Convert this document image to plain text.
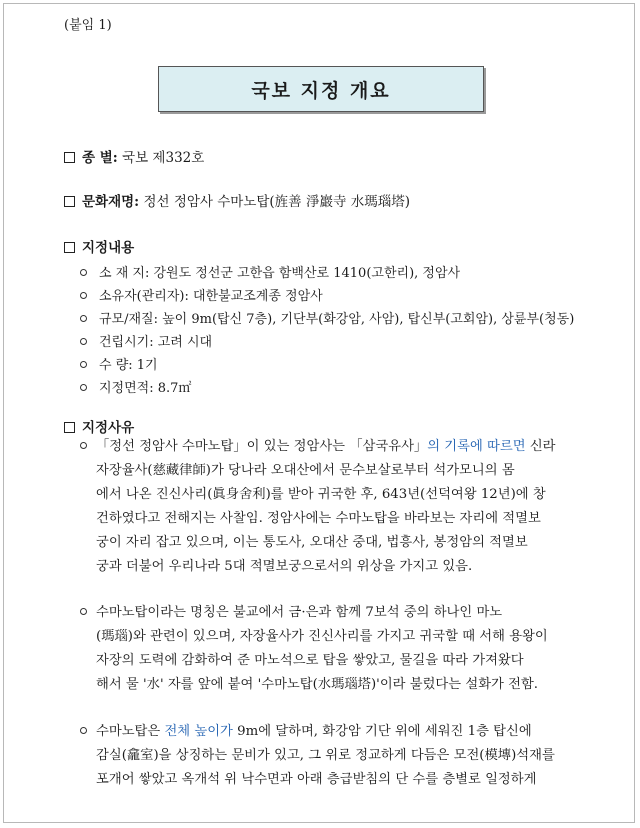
(붙임 1)
국보 지정 개요
종 별: 국보 제332호
문화재명: 정선 정암사 수마노탑(旌善 淨巖寺 水瑪瑙塔)
지정내용
소 재 지: 강원도 정선군 고한읍 함백산로 1410(고한리), 정암사
소유자(관리자): 대한불교조계종 정암사
규모/재질: 높이 9m(탑신 7층), 기단부(화강암, 사암), 탑신부(고회암), 상륜부(청동)
건립시기: 고려 시대
수 량: 1기
지정면적: 8.7㎡
지정사유
「정선 정암사 수마노탑」이 있는 정암사는 「삼국유사」의 기록에 따르면 신라
자장율사(慈藏律師)가 당나라 오대산에서 문수보살로부터 석가모니의 몸
에서 나온 진신사리(眞身舍利)를 받아 귀국한 후, 643년(선덕여왕 12년)에 창
건하였다고 전해지는 사찰임. 정암사에는 수마노탑을 바라보는 자리에 적멸보
궁이 자리 잡고 있으며, 이는 통도사, 오대산 중대, 법흥사, 봉정암의 적멸보
궁과 더불어 우리나라 5대 적멸보궁으로서의 위상을 가지고 있음.
수마노탑이라는 명칭은 불교에서 금·은과 함께 7보석 중의 하나인 마노
(瑪瑙)와 관련이 있으며, 자장율사가 진신사리를 가지고 귀국할 때 서해 용왕이
자장의 도력에 감화하여 준 마노석으로 탑을 쌓았고, 물길을 따라 가져왔다
해서 물 '水' 자를 앞에 붙여 '수마노탑(水瑪瑙塔)'이라 불렀다는 설화가 전함.
수마노탑은 전체 높이가 9m에 달하며, 화강암 기단 위에 세워진 1층 탑신에
감실(龕室)을 상징하는 문비가 있고, 그 위로 정교하게 다듬은 모전(模塼)석재를
포개어 쌓았고 옥개석 위 낙수면과 아래 층급받침의 단 수를 층별로 일정하게
